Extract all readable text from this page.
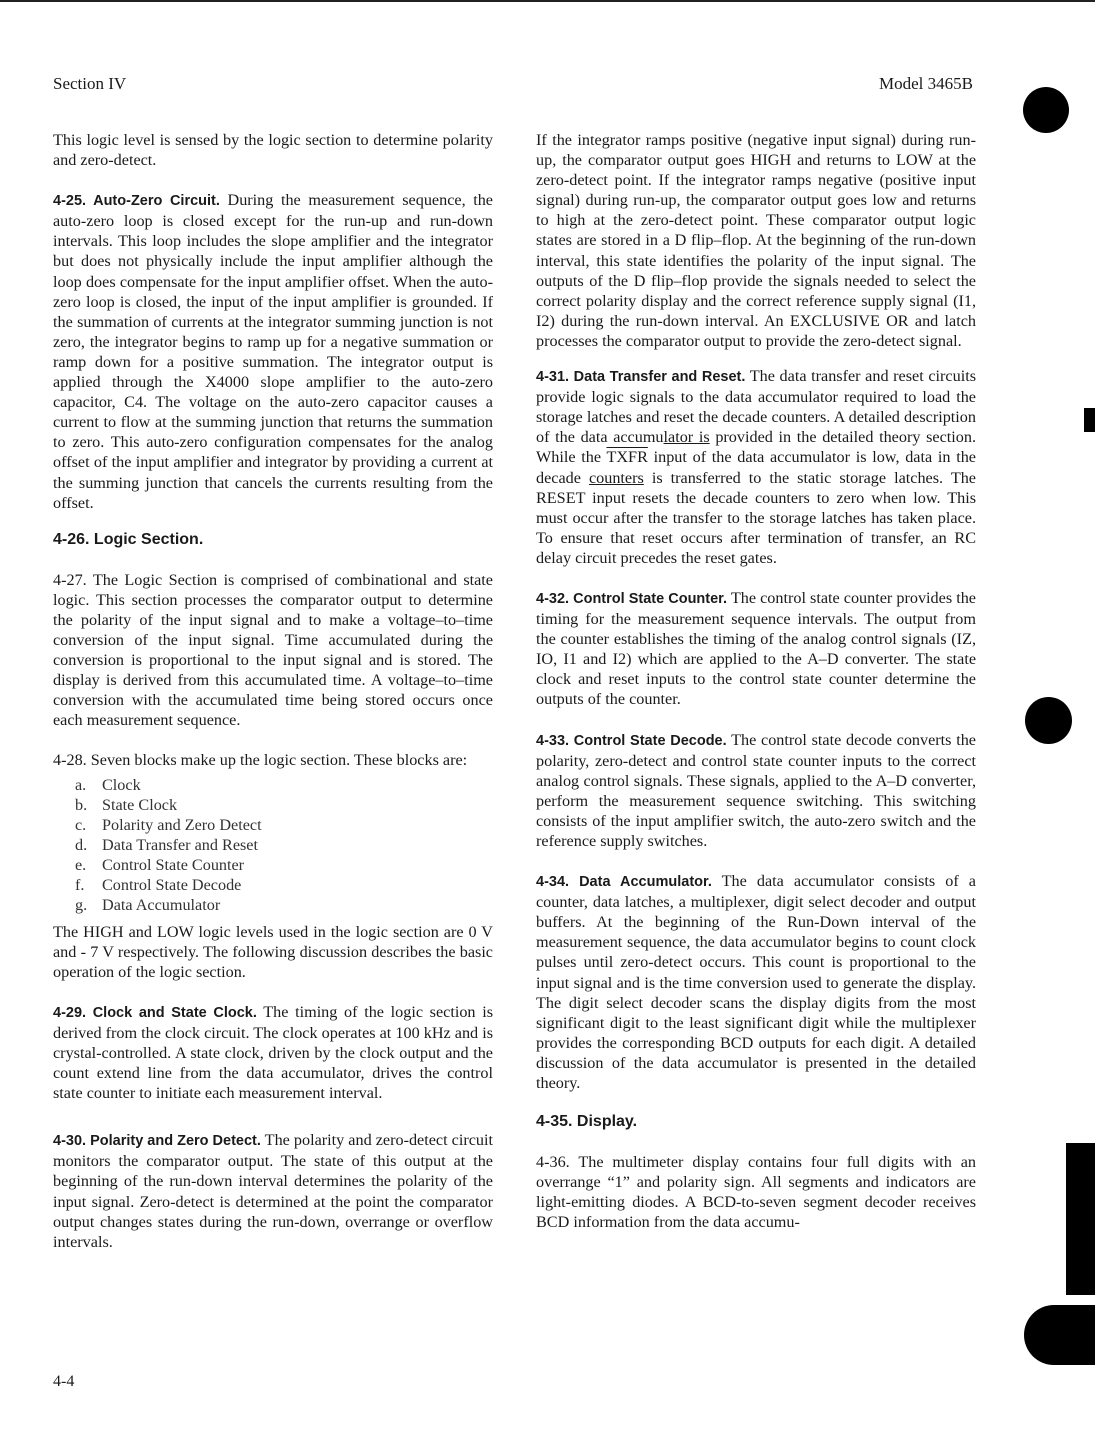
Section IV	Model 3465B

This logic level is sensed by the logic section to determine polarity and zero-detect.

4-25. Auto-Zero Circuit. During the measurement sequence, the auto-zero loop is closed except for the run-up and run-down intervals. This loop includes the slope amplifier and the integrator but does not physically include the input amplifier although the loop does compensate for the input amplifier offset. When the auto-zero loop is closed, the input of the input amplifier is grounded. If the summation of currents at the integrator summing junction is not zero, the integrator begins to ramp up for a negative summation or ramp down for a positive summation. The integrator output is applied through the X4000 slope amplifier to the auto-zero capacitor, C4. The voltage on the auto-zero capacitor causes a current to flow at the summing junction that returns the summation to zero. This auto-zero configuration compensates for the analog offset of the input amplifier and integrator by providing a current at the summing junction that cancels the currents resulting from the offset.

4-26. Logic Section.

4-27. The Logic Section is comprised of combinational and state logic. This section processes the comparator output to determine the polarity of the input signal and to make a voltage–to–time conversion of the input signal. Time accumulated during the conversion is proportional to the input signal and is stored. The display is derived from this accumulated time. A voltage–to–time conversion with the accumulated time being stored occurs once each measurement sequence.

4-28. Seven blocks make up the logic section. These blocks are:

a. Clock
b. State Clock
c. Polarity and Zero Detect
d. Data Transfer and Reset
e. Control State Counter
f.	Control State Decode
g. Data Accumulator

The HIGH and LOW logic levels used in the logic section are 0 V and - 7 V respectively. The following discussion describes the basic operation of the logic section.

4-29. Clock and State Clock. The timing of the logic section is derived from the clock circuit. The clock operates at 100 kHz and is crystal-controlled. A state clock, driven by the clock output and the count extend line from the data accumulator, drives the control state counter to initiate each measurement interval.

4-30. Polarity and Zero Detect. The polarity and zero-detect circuit monitors the comparator output. The state of this output at the beginning of the run-down interval determines the polarity of the input signal. Zero-detect is determined at the point the comparator output changes states during the run-down, overrange or overflow intervals.

If the integrator ramps positive (negative input signal) during run-up, the comparator output goes HIGH and returns to LOW at the zero-detect point. If the integrator ramps negative (positive input signal) during run-up, the comparator output goes low and returns to high at the zero-detect point. These comparator output logic states are stored in a D flip–flop. At the beginning of the run-down interval, this state identifies the polarity of the input signal. The outputs of the D flip–flop provide the signals needed to select the correct polarity display and the correct reference supply signal (I1, I2) during the run-down interval. An EXCLUSIVE OR and latch processes the comparator output to provide the zero-detect signal.

4-31. Data Transfer and Reset. The data transfer and reset circuits provide logic signals to the data accumulator required to load the storage latches and reset the decade counters. A detailed description of the data accumulator is provided in the detailed theory section. While the TXFR input of the data accumulator is low, data in the decade counters is transferred to the static storage latches. The RESET input resets the decade counters to zero when low. This must occur after the transfer to the storage latches has taken place. To ensure that reset occurs after termination of transfer, an RC delay circuit precedes the reset gates.

4-32. Control State Counter. The control state counter provides the timing for the measurement sequence intervals. The output from the counter establishes the timing of the analog control signals (IZ, IO, I1 and I2) which are applied to the A–D converter. The state clock and reset inputs to the control state counter determine the outputs of the counter.

4-33. Control State Decode. The control state decode converts the polarity, zero-detect and control state counter inputs to the correct analog control signals. These signals, applied to the A–D converter, perform the measurement sequence switching. This switching consists of the input amplifier switch, the auto-zero switch and the reference supply switches.

4-34. Data Accumulator. The data accumulator consists of a counter, data latches, a multiplexer, digit select decoder and output buffers. At the beginning of the Run-Down interval of the measurement sequence, the data accumulator begins to count clock pulses until zero-detect occurs. This count is proportional to the input signal and is the time conversion used to generate the display. The digit select decoder scans the display digits from the most significant digit to the least significant digit while the multiplexer provides the corresponding BCD outputs for each digit. A detailed discussion of the data accumulator is presented in the detailed theory.

4-35. Display.

4-36. The multimeter display contains four full digits with an overrange “1” and polarity sign. All segments and indicators are light-emitting diodes. A BCD-to-seven segment decoder receives BCD information from the data accumu-

4-4
